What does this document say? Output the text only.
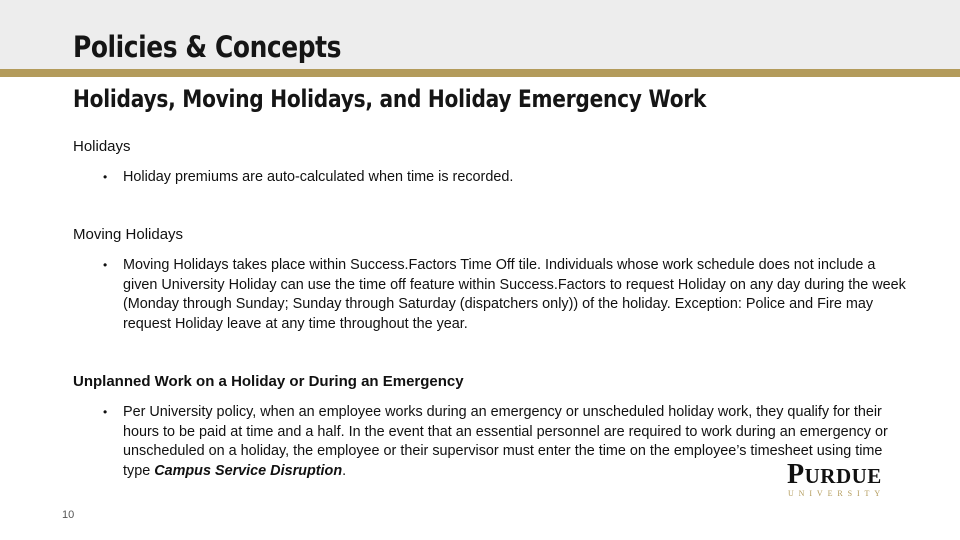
Policies & Concepts
Holidays, Moving Holidays, and Holiday Emergency Work
Holidays
• Holiday premiums are auto-calculated when time is recorded.
Moving Holidays
• Moving Holidays takes place within Success.Factors Time Off tile. Individuals whose work schedule does not include a given University Holiday can use the time off feature within Success.Factors to request Holiday on any day during the week (Monday through Sunday; Sunday through Saturday (dispatchers only)) of the holiday. Exception: Police and Fire may request Holiday leave at any time throughout the year.
Unplanned Work on a Holiday or During an Emergency
• Per University policy, when an employee works during an emergency or unscheduled holiday work, they qualify for their hours to be paid at time and a half. In the event that an essential personnel are required to work during an emergency or unscheduled on a holiday, the employee or their supervisor must enter the time on the employee’s timesheet using time type Campus Service Disruption.	PURDUE
UNIVERSITY
10
